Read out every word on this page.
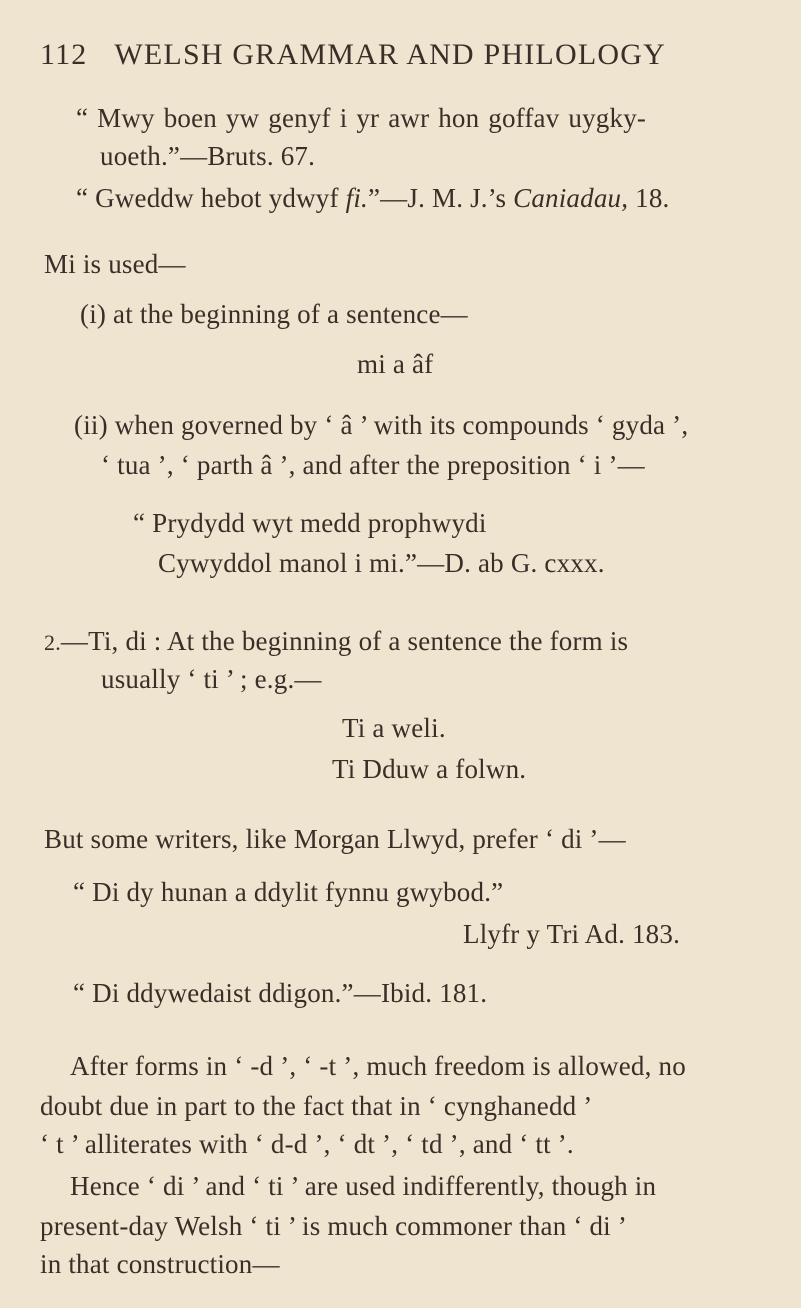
112 WELSH GRAMMAR AND PHILOLOGY
“ Mwy boen yw genyf i yr awr hon goffav uygky-
uoeth.”—Bruts. 67.
“ Gweddw hebot ydwyf fi.”—J. M. J.’s Caniadau, 18.
Mi is used—
(i) at the beginning of a sentence—
mi a âf
(ii) when governed by ‘ â ’ with its compounds ‘ gyda ’,
‘ tua ’, ‘ parth â ’, and after the preposition ‘ i ’—
“ Prydydd wyt medd prophwydi
Cywyddol manol i mi.”—D. ab G. cxxx.
2.—Ti, di : At the beginning of a sentence the form is
usually ‘ ti ’ ; e.g.—
Ti a weli.
Ti Dduw a folwn.
But some writers, like Morgan Llwyd, prefer ‘ di ’—
“ Di dy hunan a ddylit fynnu gwybod.”
Llyfr y Tri Ad. 183.
“ Di ddywedaist ddigon.”—Ibid. 181.
After forms in ‘ -d ’, ‘ -t ’, much freedom is allowed, no
doubt due in part to the fact that in ‘ cynghanedd ’
‘ t ’ alliterates with ‘ d-d ’, ‘ dt ’, ‘ td ’, and ‘ tt ’.
Hence ‘ di ’ and ‘ ti ’ are used indifferently, though in
present-day Welsh ‘ ti ’ is much commoner than ‘ di ’
in that construction—
